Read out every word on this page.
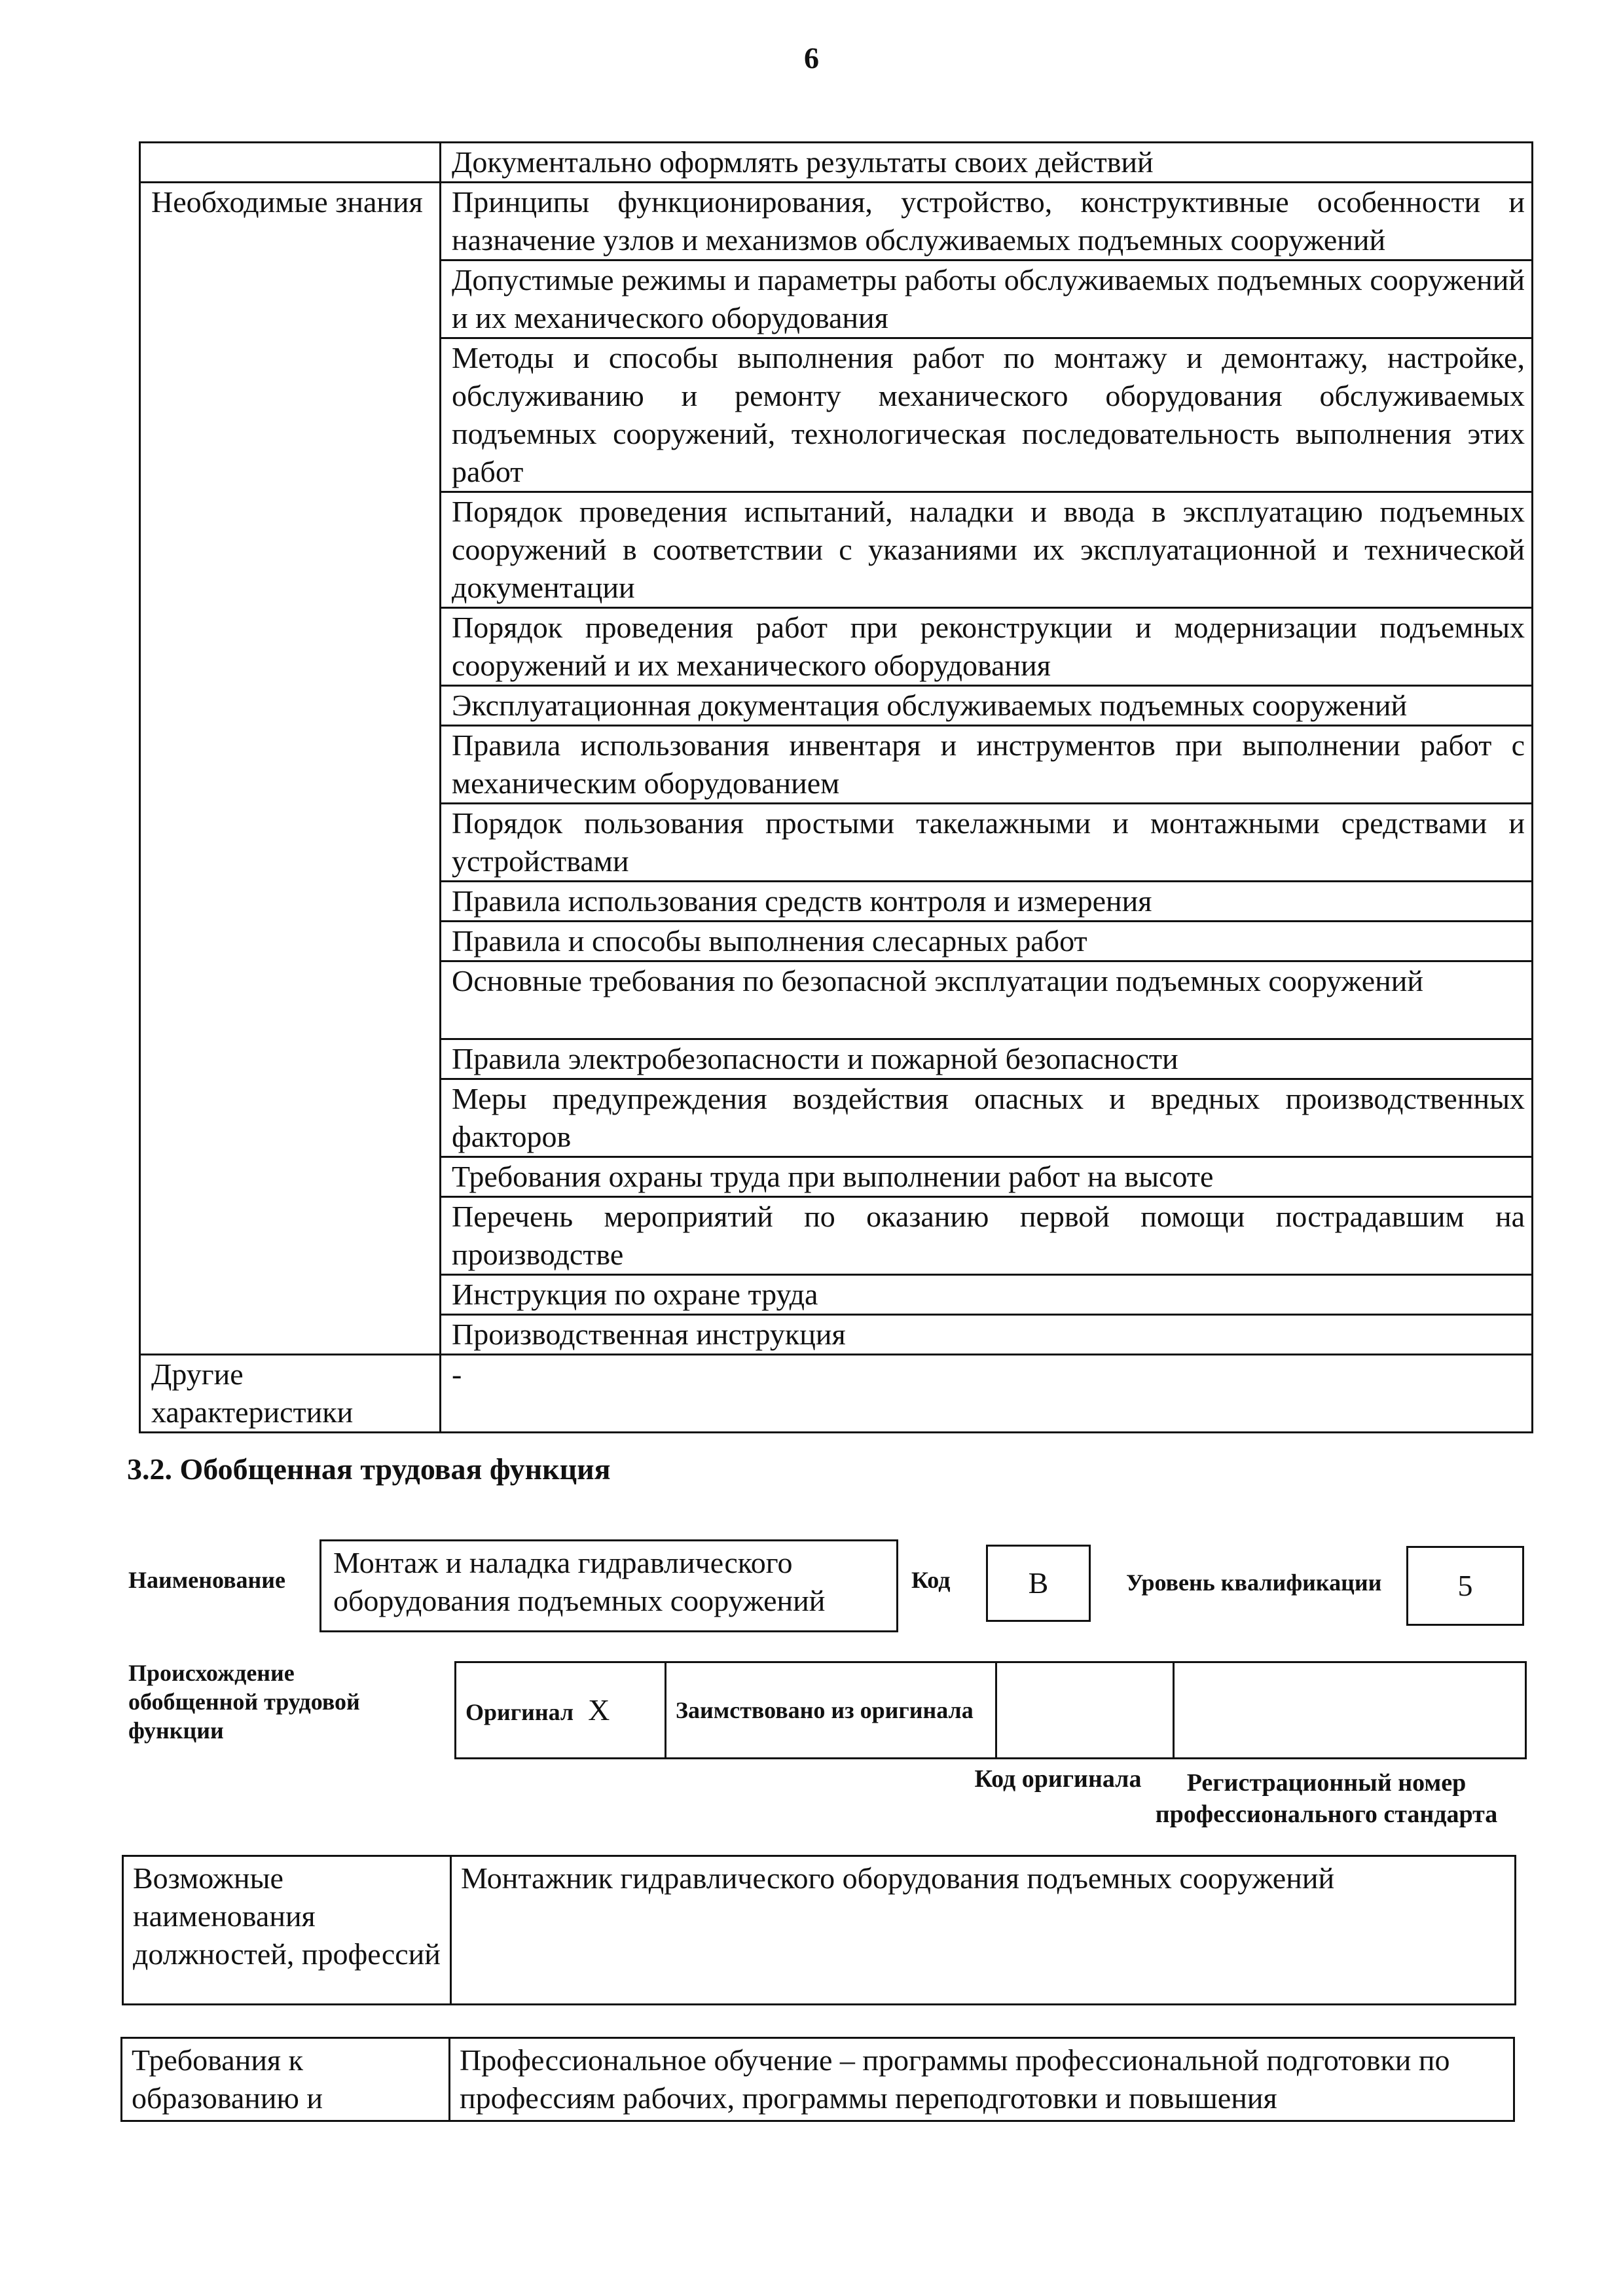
6
	Документально оформлять результаты своих действий
Необходимые знания	Принципы функционирования, устройство, конструктивные особенности и назначение узлов и механизмов обслуживаемых подъемных сооружений
	Допустимые режимы и параметры работы обслуживаемых подъемных сооружений и их механического оборудования
	Методы и способы выполнения работ по монтажу и демонтажу, настройке, обслуживанию и ремонту механического оборудования обслуживаемых подъемных сооружений, технологическая последовательность выполнения этих работ
	Порядок проведения испытаний, наладки и ввода в эксплуатацию подъемных сооружений в соответствии с указаниями их эксплуатационной и технической документации
	Порядок проведения работ при реконструкции и модернизации подъемных сооружений и их механического оборудования
	Эксплуатационная документация обслуживаемых подъемных сооружений
	Правила использования инвентаря и инструментов при выполнении работ с механическим оборудованием
	Порядок пользования простыми такелажными и монтажными средствами и устройствами
	Правила использования средств контроля и измерения
	Правила и способы выполнения слесарных работ
	Основные требования по безопасной эксплуатации подъемных сооружений
	Правила электробезопасности и пожарной безопасности
	Меры предупреждения воздействия опасных и вредных производственных факторов
	Требования охраны труда при выполнении работ на высоте
	Перечень мероприятий по оказанию первой помощи пострадавшим на производстве
	Инструкция по охране труда
	Производственная инструкция
Другие характеристики	-
3.2. Обобщенная трудовая функция
Наименование
Монтаж и наладка гидравлического оборудования подъемных сооружений
Код	B	Уровень квалификации	5
Происхождение обобщенной трудовой функции
Оригинал X	Заимствовано из оригинала		
Код оригинала	Регистрационный номер профессионального стандарта
Возможные наименования должностей, профессий	Монтажник гидравлического оборудования подъемных сооружений
Требования к образованию и	Профессиональное обучение – программы профессиональной подготовки по профессиям рабочих, программы переподготовки и повышения
